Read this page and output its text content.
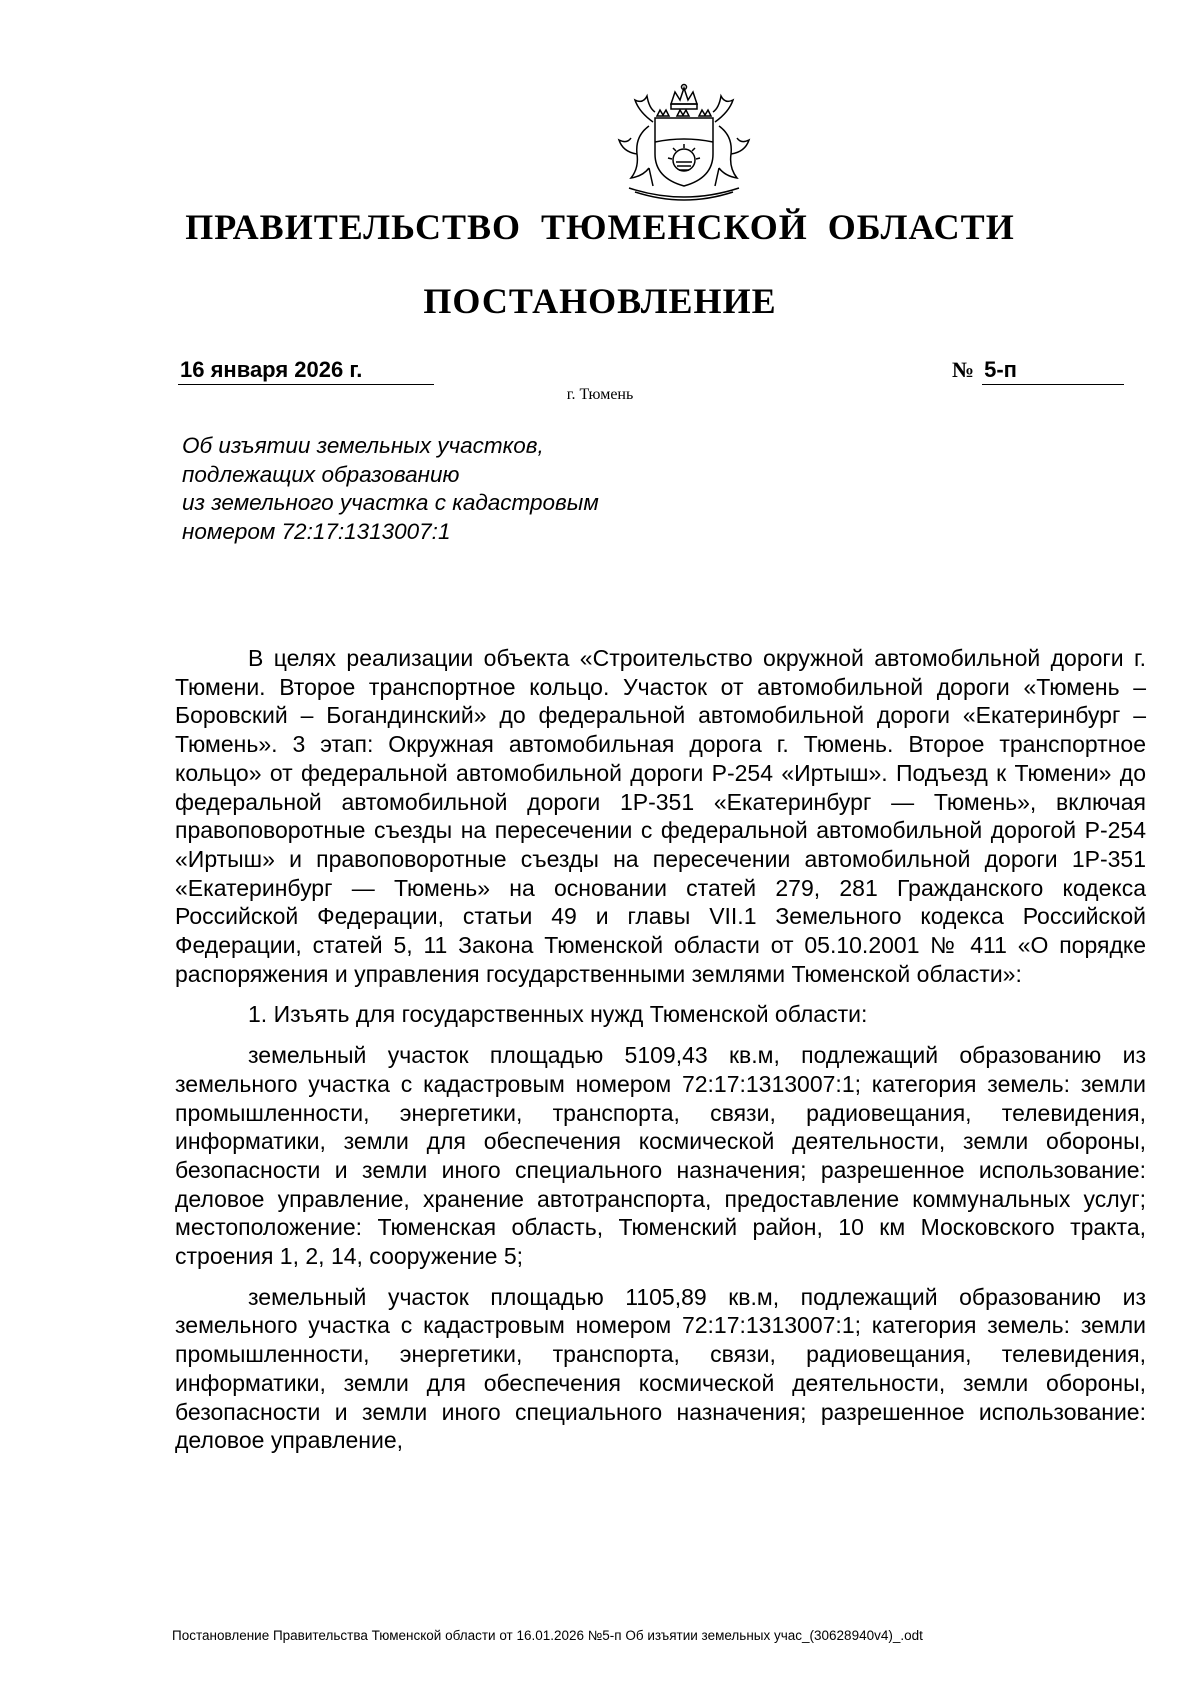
ПРАВИТЕЛЬСТВО ТЮМЕНСКОЙ ОБЛАСТИ
ПОСТАНОВЛЕНИЕ
16 января 2026 г.	№ 5-п
г. Тюмень
Об изъятии земельных участков,
подлежащих образованию
из земельного участка с кадастровым
номером 72:17:1313007:1

В целях реализации объекта «Строительство окружной автомобильной дороги г. Тюмени. Второе транспортное кольцо. Участок от автомобильной дороги «Тюмень – Боровский – Богандинский» до федеральной автомобильной дороги «Екатеринбург – Тюмень». 3 этап: Окружная автомобильная дорога г. Тюмень. Второе транспортное кольцо» от федеральной автомобильной дороги Р-254 «Иртыш». Подъезд к Тюмени» до федеральной автомобильной дороги 1Р-351 «Екатеринбург — Тюмень», включая правоповоротные съезды на пересечении с федеральной автомобильной дорогой Р-254 «Иртыш» и правоповоротные съезды на пересечении автомобильной дороги 1Р-351 «Екатеринбург — Тюмень» на основании статей 279, 281 Гражданского кодекса Российской Федерации, статьи 49 и главы VII.1 Земельного кодекса Российской Федерации, статей 5, 11 Закона Тюменской области от 05.10.2001 № 411 «О порядке распоряжения и управления государственными землями Тюменской области»:

1. Изъять для государственных нужд Тюменской области:

земельный участок площадью 5109,43 кв.м, подлежащий образованию из земельного участка с кадастровым номером 72:17:1313007:1; категория земель: земли промышленности, энергетики, транспорта, связи, радиовещания, телевидения, информатики, земли для обеспечения космической деятельности, земли обороны, безопасности и земли иного специального назначения; разрешенное использование: деловое управление, хранение автотранспорта, предоставление коммунальных услуг; местоположение: Тюменская область, Тюменский район, 10 км Московского тракта, строения 1, 2, 14, сооружение 5;

земельный участок площадью 1105,89 кв.м, подлежащий образованию из земельного участка с кадастровым номером 72:17:1313007:1; категория земель: земли промышленности, энергетики, транспорта, связи, радиовещания, телевидения, информатики, земли для обеспечения космической деятельности, земли обороны, безопасности и земли иного специального назначения; разрешенное использование: деловое управление,

Постановление Правительства Тюменской области от 16.01.2026 №5-п Об изъятии земельных учас_(30628940v4)_.odt
